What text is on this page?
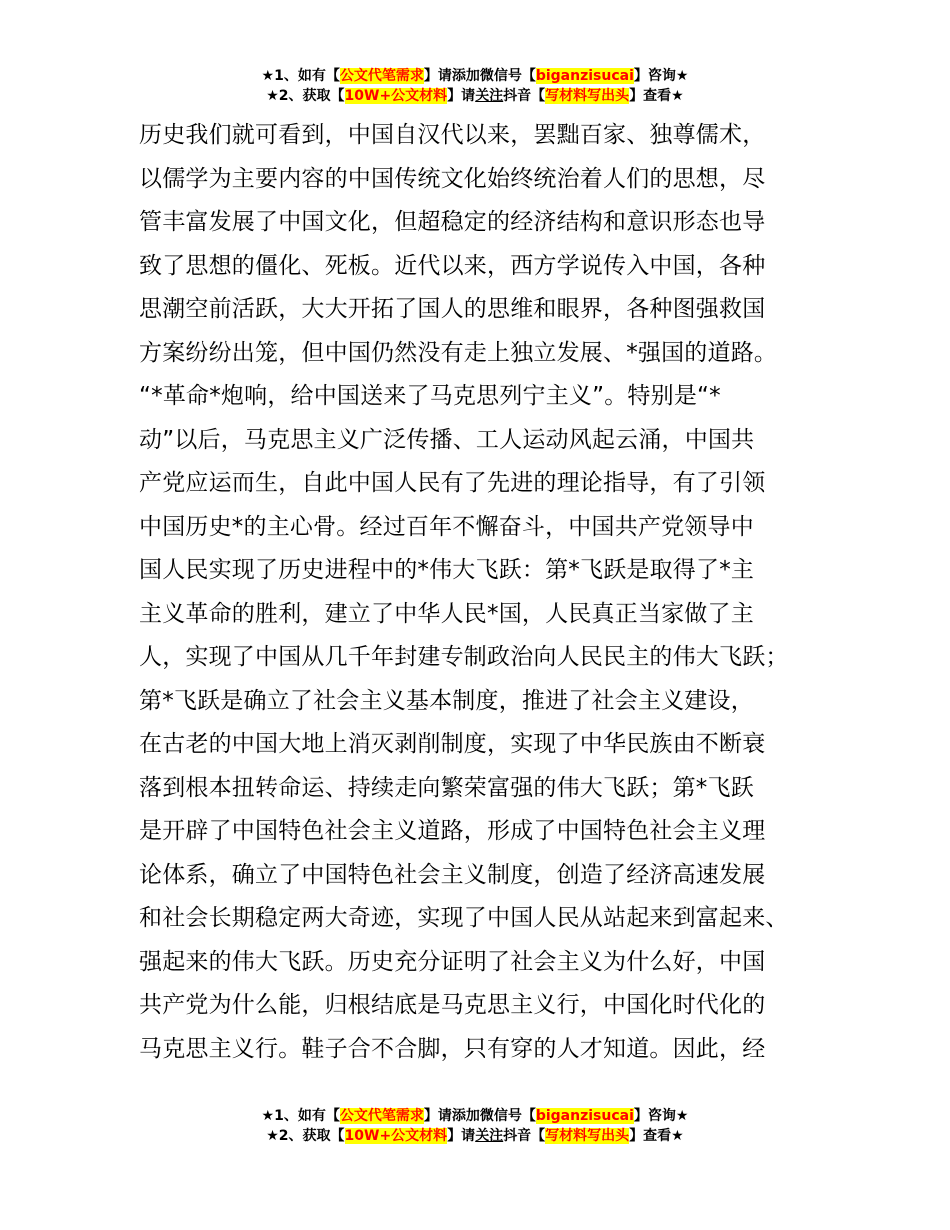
★1、如有【公文代笔需求】请添加微信号【biganzisucai】咨询★
★2、获取【10W+公文材料】请关注抖音【写材料写出头】查看★
历史我们就可看到，中国自汉代以来，罢黜百家、独尊儒术，
以儒学为主要内容的中国传统文化始终统治着人们的思想，尽
管丰富发展了中国文化，但超稳定的经济结构和意识形态也导
致了思想的僵化、死板。近代以来，西方学说传入中国，各种
思潮空前活跃，大大开拓了国人的思维和眼界，各种图强救国
方案纷纷出笼，但中国仍然没有走上独立发展、*强国的道路。
“*革命*炮响，给中国送来了马克思列宁主义”。特别是“*
动”以后，马克思主义广泛传播、工人运动风起云涌，中国共
产党应运而生，自此中国人民有了先进的理论指导，有了引领
中国历史*的主心骨。经过百年不懈奋斗，中国共产党领导中
国人民实现了历史进程中的*伟大飞跃：第*飞跃是取得了*主
主义革命的胜利，建立了中华人民*国，人民真正当家做了主
人，实现了中国从几千年封建专制政治向人民民主的伟大飞跃；
第*飞跃是确立了社会主义基本制度，推进了社会主义建设，
在古老的中国大地上消灭剥削制度，实现了中华民族由不断衰
落到根本扭转命运、持续走向繁荣富强的伟大飞跃；第*飞跃
是开辟了中国特色社会主义道路，形成了中国特色社会主义理
论体系，确立了中国特色社会主义制度，创造了经济高速发展
和社会长期稳定两大奇迹，实现了中国人民从站起来到富起来、
强起来的伟大飞跃。历史充分证明了社会主义为什么好，中国
共产党为什么能，归根结底是马克思主义行，中国化时代化的
马克思主义行。鞋子合不合脚，只有穿的人才知道。因此，经
★1、如有【公文代笔需求】请添加微信号【biganzisucai】咨询★
★2、获取【10W+公文材料】请关注抖音【写材料写出头】查看★
